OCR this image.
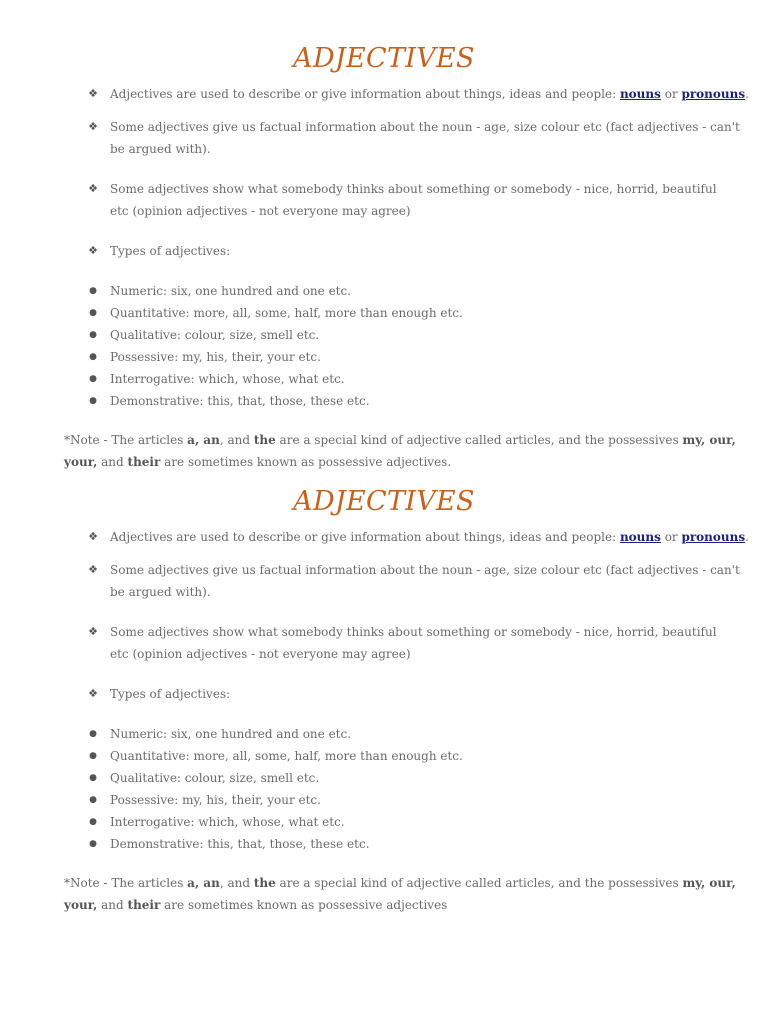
ADJECTIVES
❖ Adjectives are used to describe or give information about things, ideas and people: nouns or pronouns.
❖ Some adjectives give us factual information about the noun - age, size colour etc (fact adjectives - can't
be argued with).
❖ Some adjectives show what somebody thinks about something or somebody - nice, horrid, beautiful
etc (opinion adjectives - not everyone may agree)
❖ Types of adjectives:
● Numeric: six, one hundred and one etc.
● Quantitative: more, all, some, half, more than enough etc.
● Qualitative: colour, size, smell etc.
● Possessive: my, his, their, your etc.
● Interrogative: which, whose, what etc.
● Demonstrative: this, that, those, these etc.
*Note - The articles a, an, and the are a special kind of adjective called articles, and the possessives my, our,
your, and their are sometimes known as possessive adjectives.
ADJECTIVES
❖ Adjectives are used to describe or give information about things, ideas and people: nouns or pronouns.
❖ Some adjectives give us factual information about the noun - age, size colour etc (fact adjectives - can't
be argued with).
❖ Some adjectives show what somebody thinks about something or somebody - nice, horrid, beautiful
etc (opinion adjectives - not everyone may agree)
❖ Types of adjectives:
● Numeric: six, one hundred and one etc.
● Quantitative: more, all, some, half, more than enough etc.
● Qualitative: colour, size, smell etc.
● Possessive: my, his, their, your etc.
● Interrogative: which, whose, what etc.
● Demonstrative: this, that, those, these etc.
*Note - The articles a, an, and the are a special kind of adjective called articles, and the possessives my, our,
your, and their are sometimes known as possessive adjectives
